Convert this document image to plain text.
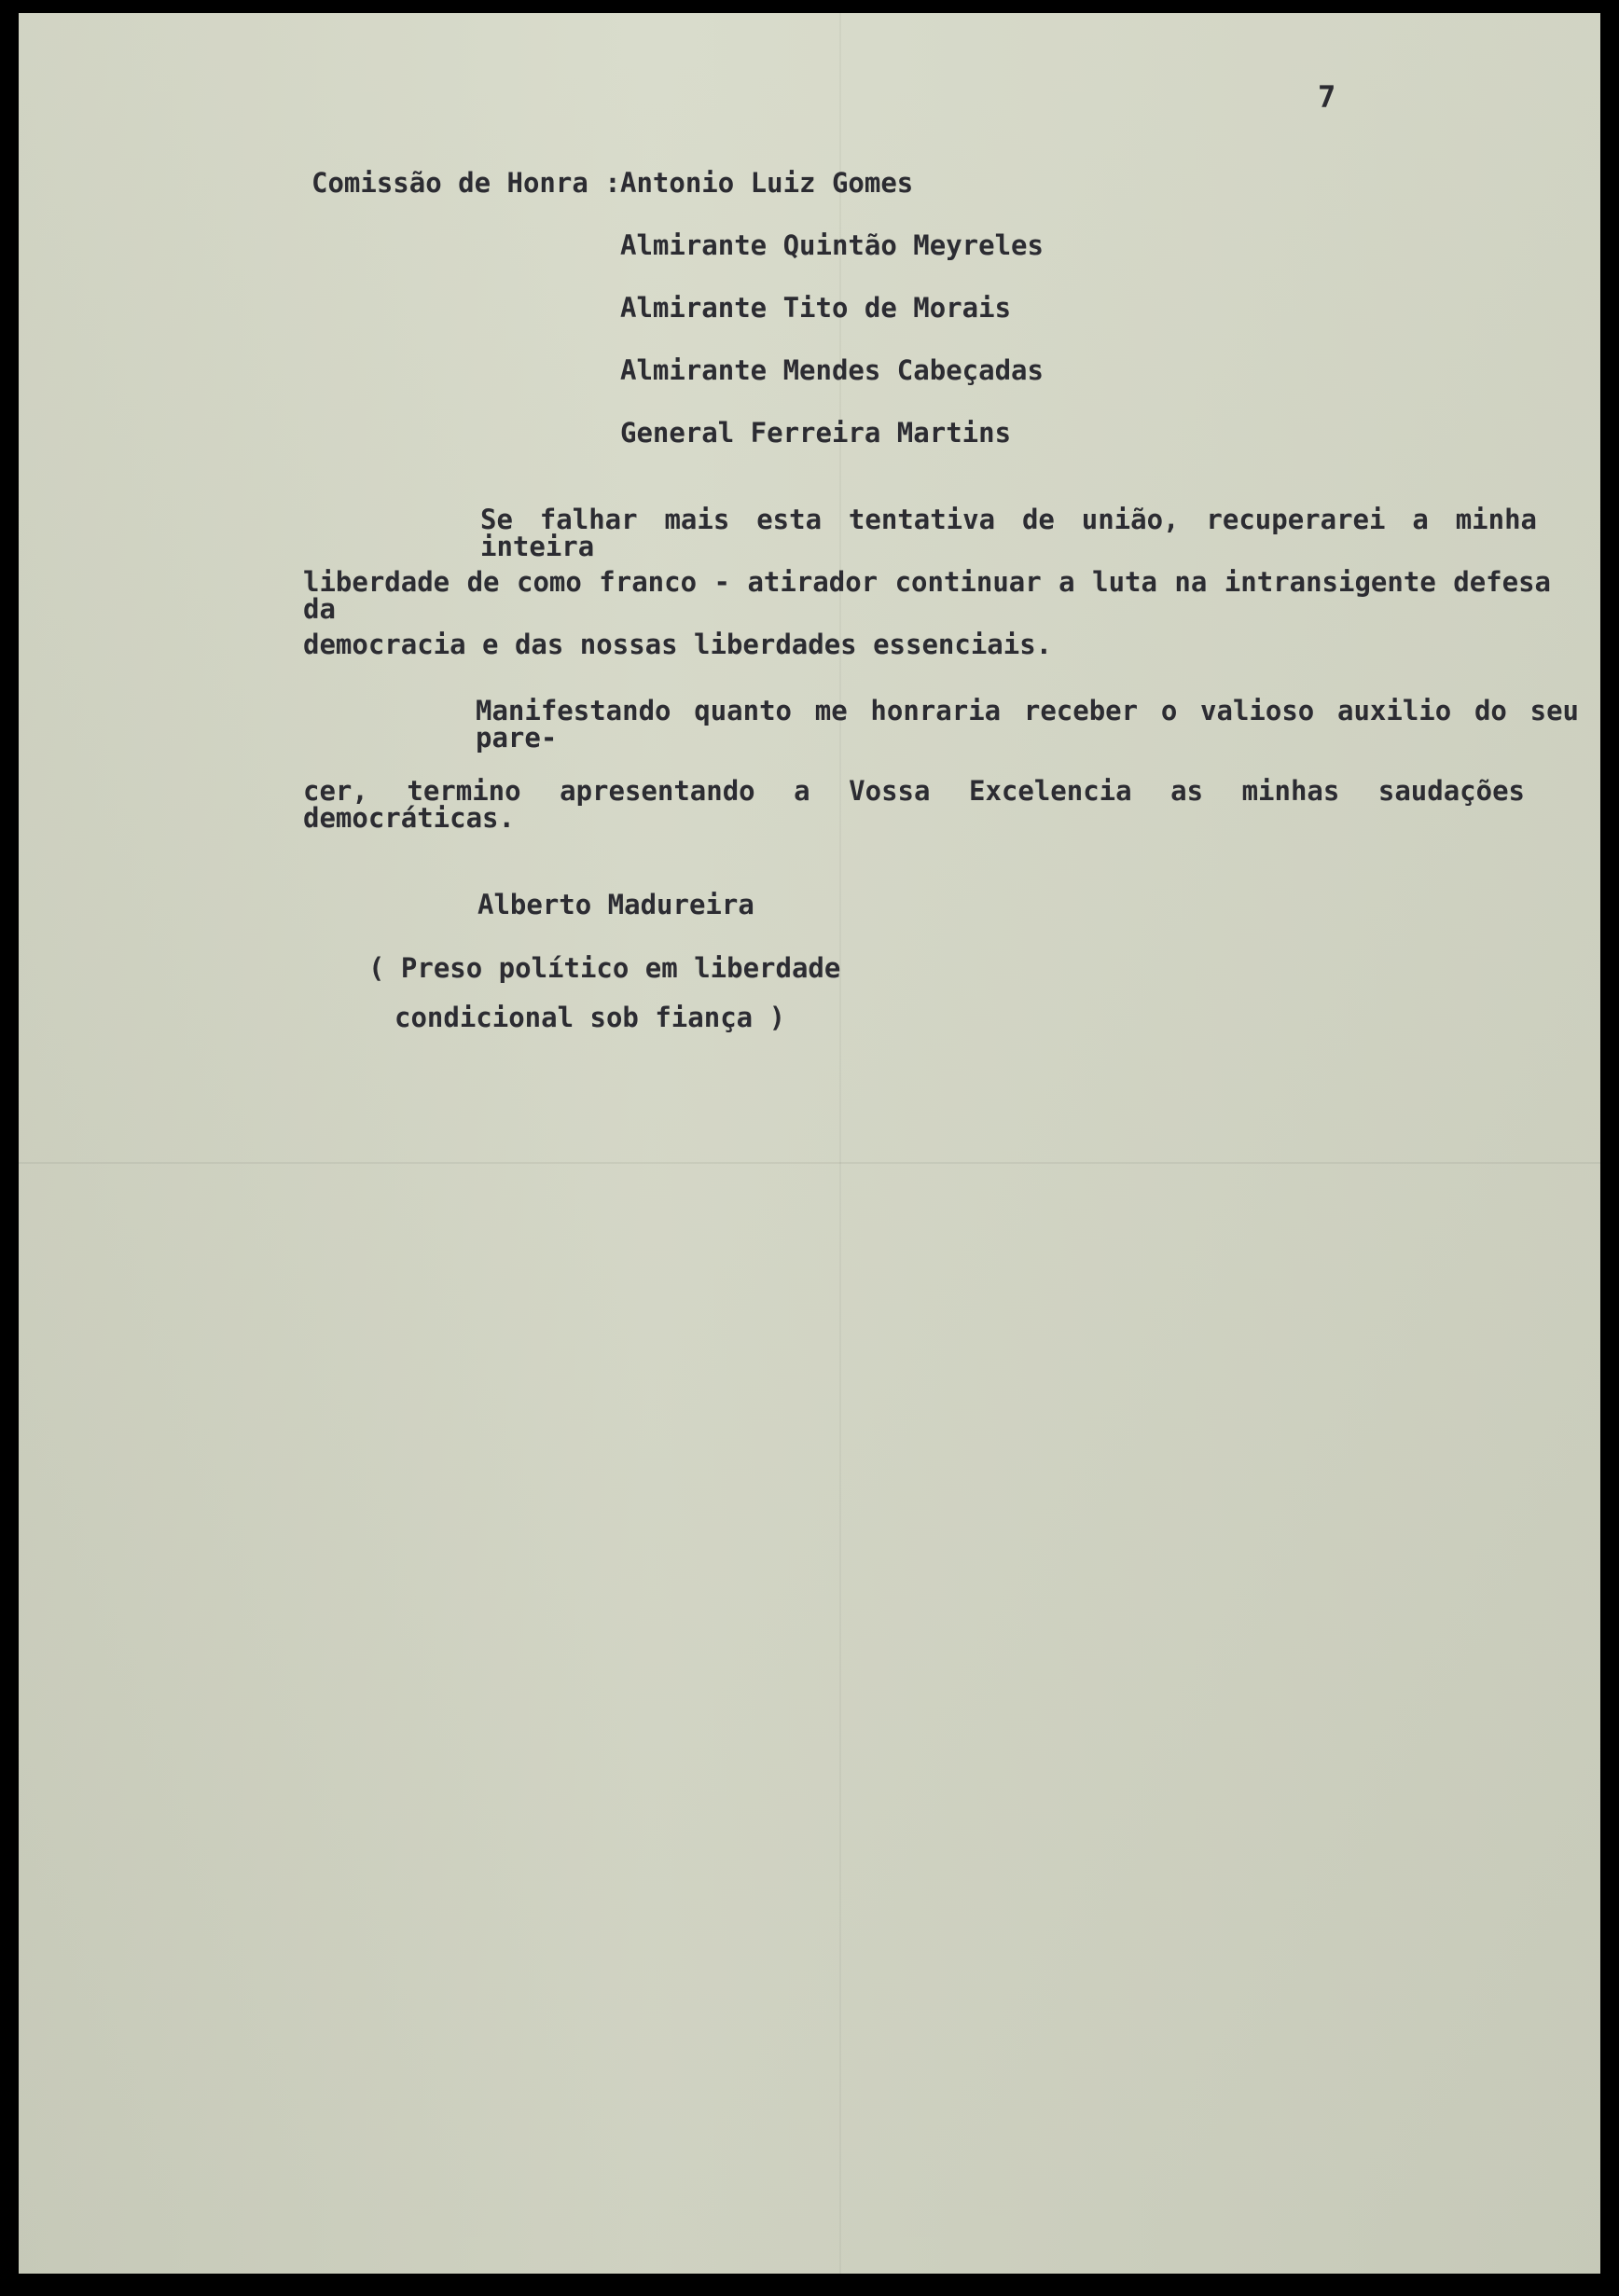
7
Comissão de Honra : Antonio Luiz Gomes
Almirante Quintão Meyreles
Almirante Tito de Morais
Almirante Mendes Cabeçadas
General Ferreira Martins
Se falhar mais esta tentativa de união, recuperarei a minha inteira
liberdade de como franco - atirador continuar a luta na intransigente defesa da
democracia e das nossas liberdades essenciais.
Manifestando quanto me honraria receber o valioso auxilio do seu pare-
cer, termino apresentando a Vossa Excelencia as minhas saudações democráticas.
Alberto Madureira
( Preso político em liberdade
condicional sob fiança )
